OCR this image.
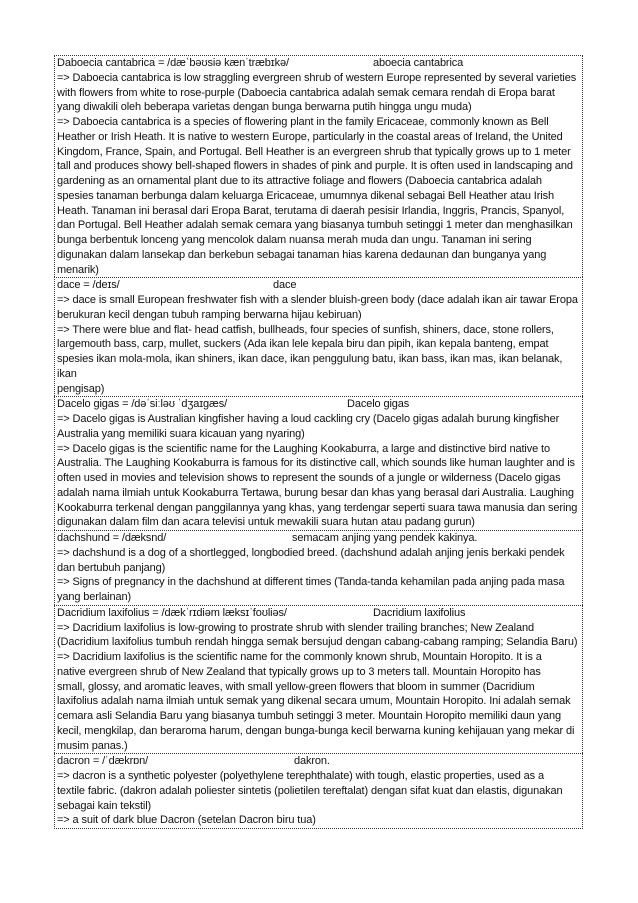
Daboecia cantabrica = /dæˈbəʊsiə kænˈtræbɪkə/	aboecia cantabrica
=> Daboecia cantabrica is low straggling evergreen shrub of western Europe represented by several varieties
with flowers from white to rose-purple (Daboecia cantabrica adalah semak cemara rendah di Eropa barat
yang diwakili oleh beberapa varietas dengan bunga berwarna putih hingga ungu muda)
=> Daboecia cantabrica is a species of flowering plant in the family Ericaceae, commonly known as Bell
Heather or Irish Heath. It is native to western Europe, particularly in the coastal areas of Ireland, the United
Kingdom, France, Spain, and Portugal. Bell Heather is an evergreen shrub that typically grows up to 1 meter
tall and produces showy bell-shaped flowers in shades of pink and purple. It is often used in landscaping and
gardening as an ornamental plant due to its attractive foliage and flowers (Daboecia cantabrica adalah
spesies tanaman berbunga dalam keluarga Ericaceae, umumnya dikenal sebagai Bell Heather atau Irish
Heath. Tanaman ini berasal dari Eropa Barat, terutama di daerah pesisir Irlandia, Inggris, Prancis, Spanyol,
dan Portugal. Bell Heather adalah semak cemara yang biasanya tumbuh setinggi 1 meter dan menghasilkan
bunga berbentuk lonceng yang mencolok dalam nuansa merah muda dan ungu. Tanaman ini sering
digunakan dalam lansekap dan berkebun sebagai tanaman hias karena dedaunan dan bunganya yang
menarik)
dace = /deɪs/	dace
=> dace is small European freshwater fish with a slender bluish-green body (dace adalah ikan air tawar Eropa
berukuran kecil dengan tubuh ramping berwarna hijau kebiruan)
=> There were blue and flat- head catfish, bullheads, four species of sunfish, shiners, dace, stone rollers,
largemouth bass, carp, mullet, suckers (Ada ikan lele kepala biru dan pipih, ikan kepala banteng, empat
spesies ikan mola-mola, ikan shiners, ikan dace, ikan penggulung batu, ikan bass, ikan mas, ikan belanak, ikan
pengisap)
Dacelo gigas = /dəˈsiːləʊ ˈdʒaɪgæs/	Dacelo gigas
=> Dacelo gigas is Australian kingfisher having a loud cackling cry (Dacelo gigas adalah burung kingfisher
Australia yang memiliki suara kicauan yang nyaring)
=> Dacelo gigas is the scientific name for the Laughing Kookaburra, a large and distinctive bird native to
Australia. The Laughing Kookaburra is famous for its distinctive call, which sounds like human laughter and is
often used in movies and television shows to represent the sounds of a jungle or wilderness (Dacelo gigas
adalah nama ilmiah untuk Kookaburra Tertawa, burung besar dan khas yang berasal dari Australia. Laughing
Kookaburra terkenal dengan panggilannya yang khas, yang terdengar seperti suara tawa manusia dan sering
digunakan dalam film dan acara televisi untuk mewakili suara hutan atau padang gurun)
dachshund = /dæksnd/	semacam anjing yang pendek kakinya.
=> dachshund is a dog of a shortlegged, longbodied breed. (dachshund adalah anjing jenis berkaki pendek
dan bertubuh panjang)
=> Signs of pregnancy in the dachshund at different times (Tanda-tanda kehamilan pada anjing pada masa
yang berlainan)
Dacridium laxifolius = /dækˈrɪdiəm læksɪˈfoʊliəs/	Dacridium laxifolius
=> Dacridium laxifolius is low-growing to prostrate shrub with slender trailing branches; New Zealand
(Dacridium laxifolius tumbuh rendah hingga semak bersujud dengan cabang-cabang ramping; Selandia Baru)
=> Dacridium laxifolius is the scientific name for the commonly known shrub, Mountain Horopito. It is a
native evergreen shrub of New Zealand that typically grows up to 3 meters tall. Mountain Horopito has
small, glossy, and aromatic leaves, with small yellow-green flowers that bloom in summer (Dacridium
laxifolius adalah nama ilmiah untuk semak yang dikenal secara umum, Mountain Horopito. Ini adalah semak
cemara asli Selandia Baru yang biasanya tumbuh setinggi 3 meter. Mountain Horopito memiliki daun yang
kecil, mengkilap, dan beraroma harum, dengan bunga-bunga kecil berwarna kuning kehijauan yang mekar di
musim panas.)
dacron = /ˈdækrɒn/	dakron.
=> dacron is a synthetic polyester (polyethylene terephthalate) with tough, elastic properties, used as a
textile fabric. (dakron adalah poliester sintetis (polietilen tereftalat) dengan sifat kuat dan elastis, digunakan
sebagai kain tekstil)
=> a suit of dark blue Dacron (setelan Dacron biru tua)
